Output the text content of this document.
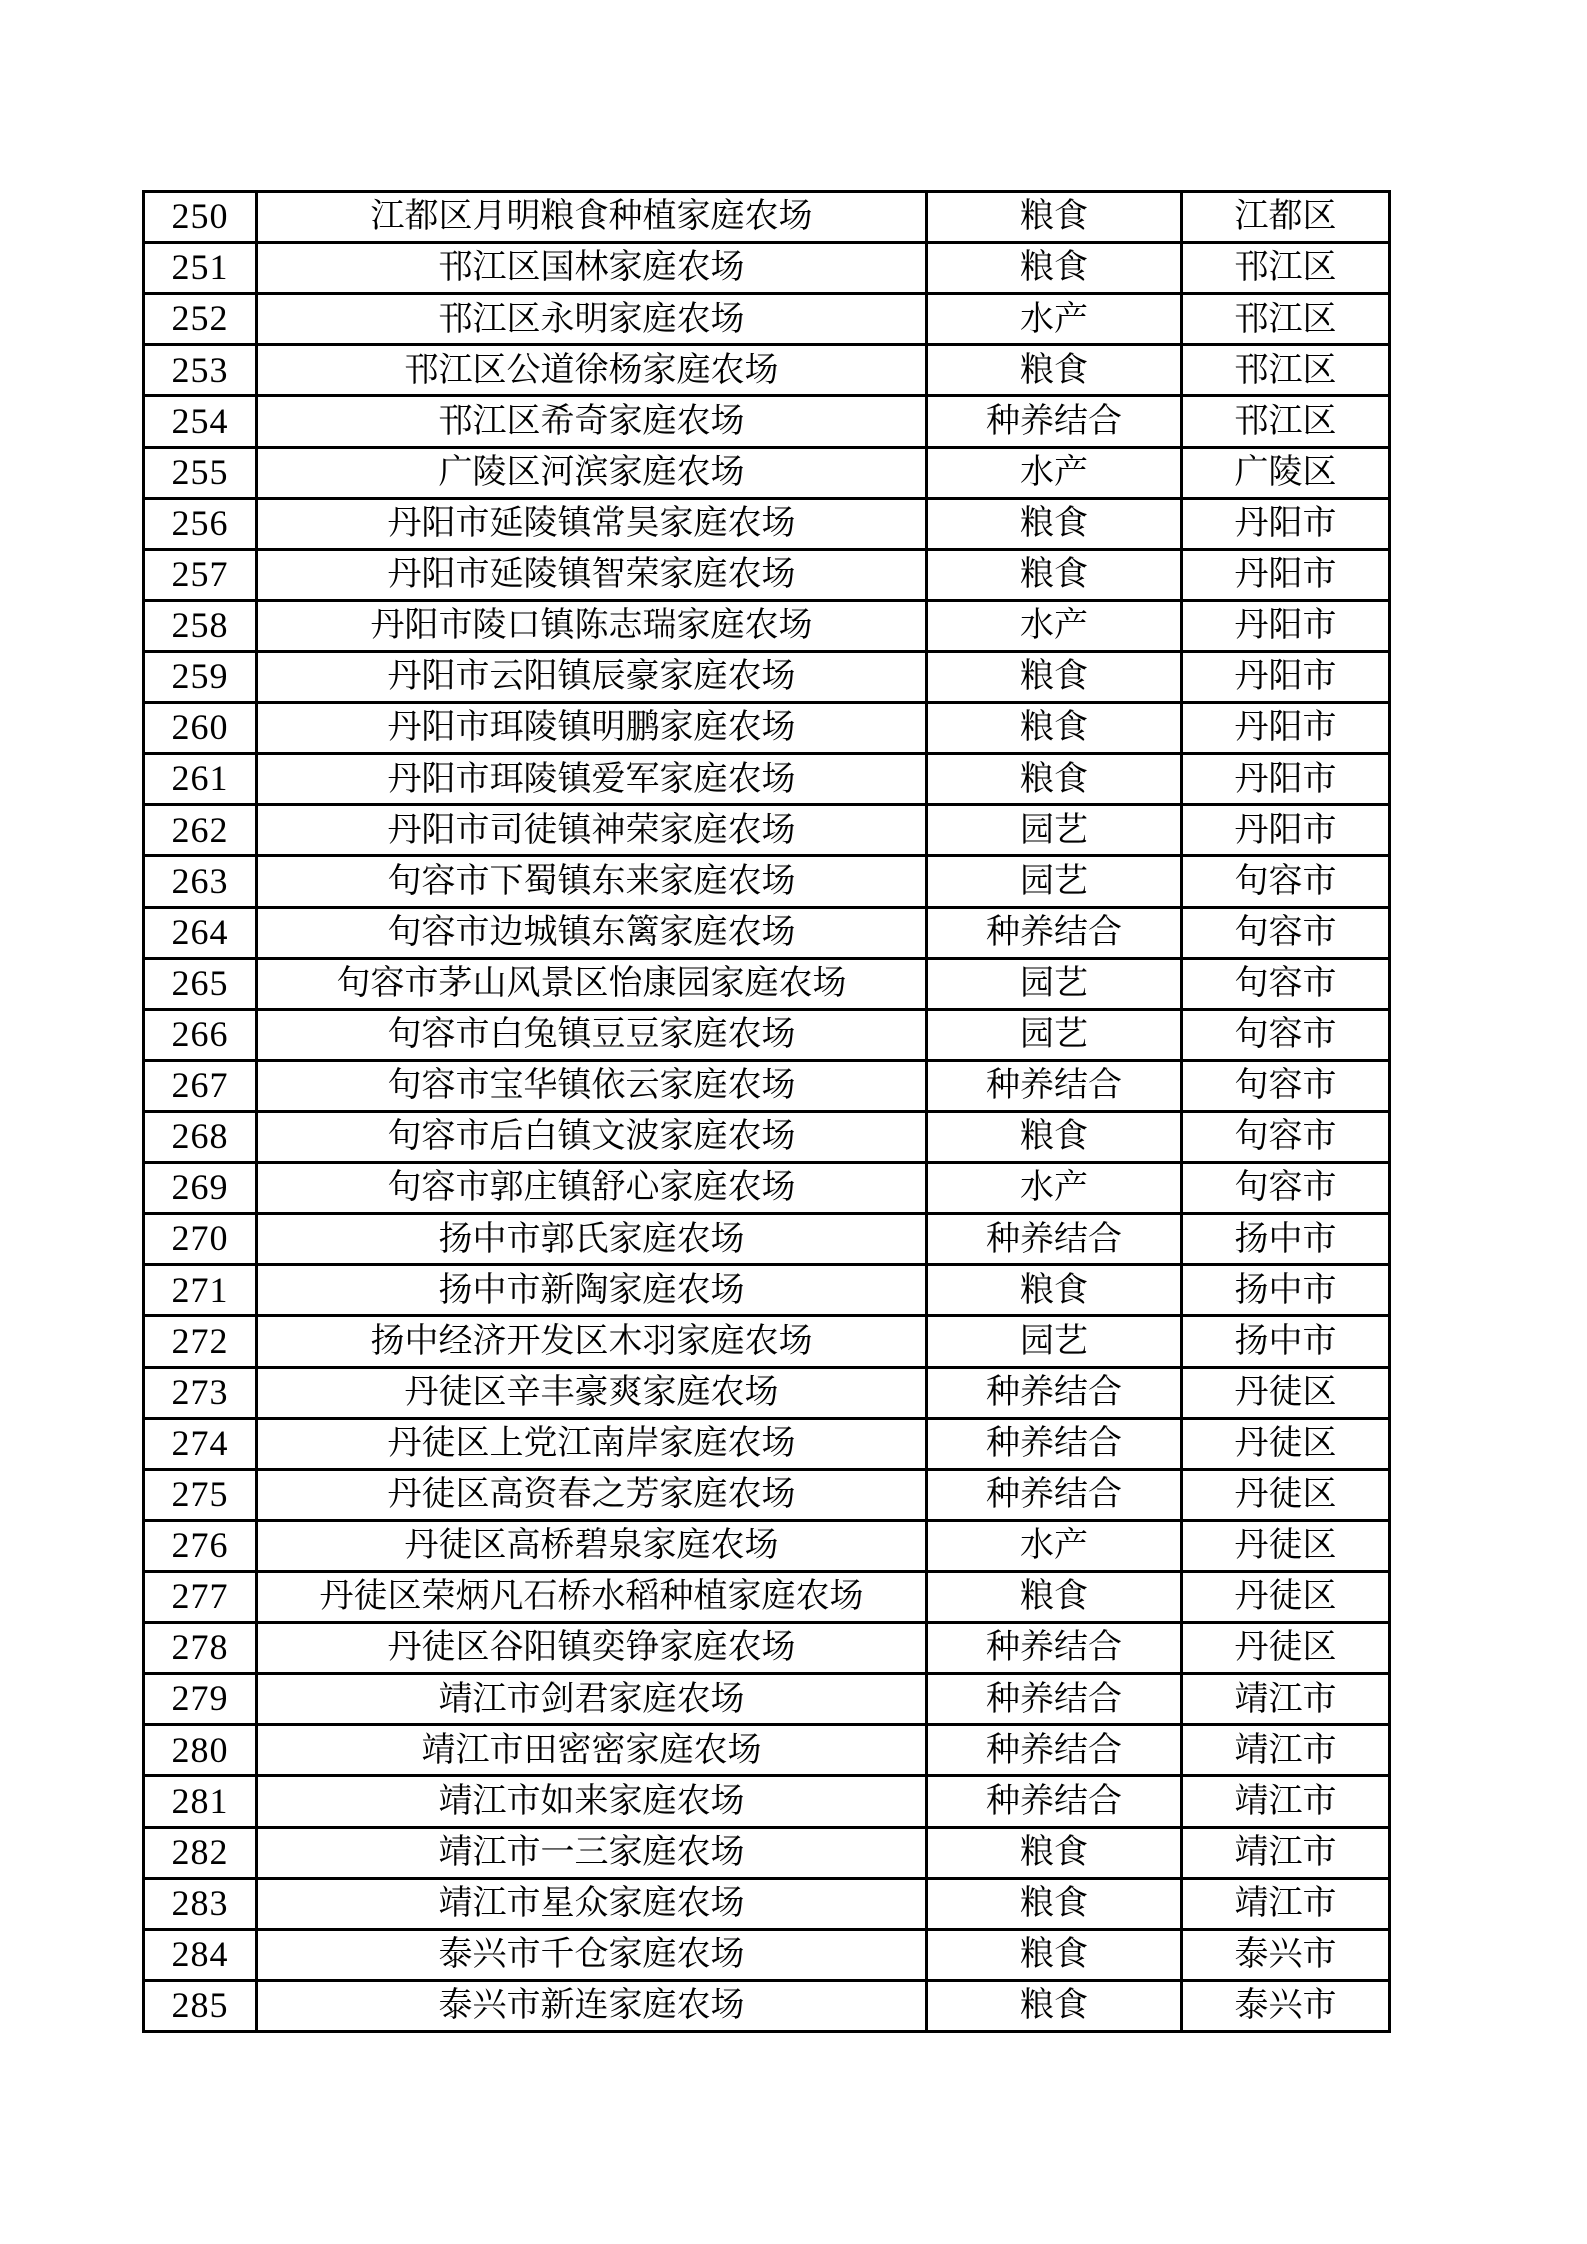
250	江都区月明粮食种植家庭农场	粮食	江都区
251	邗江区国林家庭农场	粮食	邗江区
252	邗江区永明家庭农场	水产	邗江区
253	邗江区公道徐杨家庭农场	粮食	邗江区
254	邗江区希奇家庭农场	种养结合	邗江区
255	广陵区河滨家庭农场	水产	广陵区
256	丹阳市延陵镇常昊家庭农场	粮食	丹阳市
257	丹阳市延陵镇智荣家庭农场	粮食	丹阳市
258	丹阳市陵口镇陈志瑞家庭农场	水产	丹阳市
259	丹阳市云阳镇辰豪家庭农场	粮食	丹阳市
260	丹阳市珥陵镇明鹏家庭农场	粮食	丹阳市
261	丹阳市珥陵镇爱军家庭农场	粮食	丹阳市
262	丹阳市司徒镇神荣家庭农场	园艺	丹阳市
263	句容市下蜀镇东来家庭农场	园艺	句容市
264	句容市边城镇东篱家庭农场	种养结合	句容市
265	句容市茅山风景区怡康园家庭农场	园艺	句容市
266	句容市白兔镇豆豆家庭农场	园艺	句容市
267	句容市宝华镇依云家庭农场	种养结合	句容市
268	句容市后白镇文波家庭农场	粮食	句容市
269	句容市郭庄镇舒心家庭农场	水产	句容市
270	扬中市郭氏家庭农场	种养结合	扬中市
271	扬中市新陶家庭农场	粮食	扬中市
272	扬中经济开发区木羽家庭农场	园艺	扬中市
273	丹徒区辛丰豪爽家庭农场	种养结合	丹徒区
274	丹徒区上党江南岸家庭农场	种养结合	丹徒区
275	丹徒区高资春之芳家庭农场	种养结合	丹徒区
276	丹徒区高桥碧泉家庭农场	水产	丹徒区
277	丹徒区荣炳凡石桥水稻种植家庭农场	粮食	丹徒区
278	丹徒区谷阳镇奕铮家庭农场	种养结合	丹徒区
279	靖江市剑君家庭农场	种养结合	靖江市
280	靖江市田密密家庭农场	种养结合	靖江市
281	靖江市如来家庭农场	种养结合	靖江市
282	靖江市一三家庭农场	粮食	靖江市
283	靖江市星众家庭农场	粮食	靖江市
284	泰兴市千仓家庭农场	粮食	泰兴市
285	泰兴市新连家庭农场	粮食	泰兴市
